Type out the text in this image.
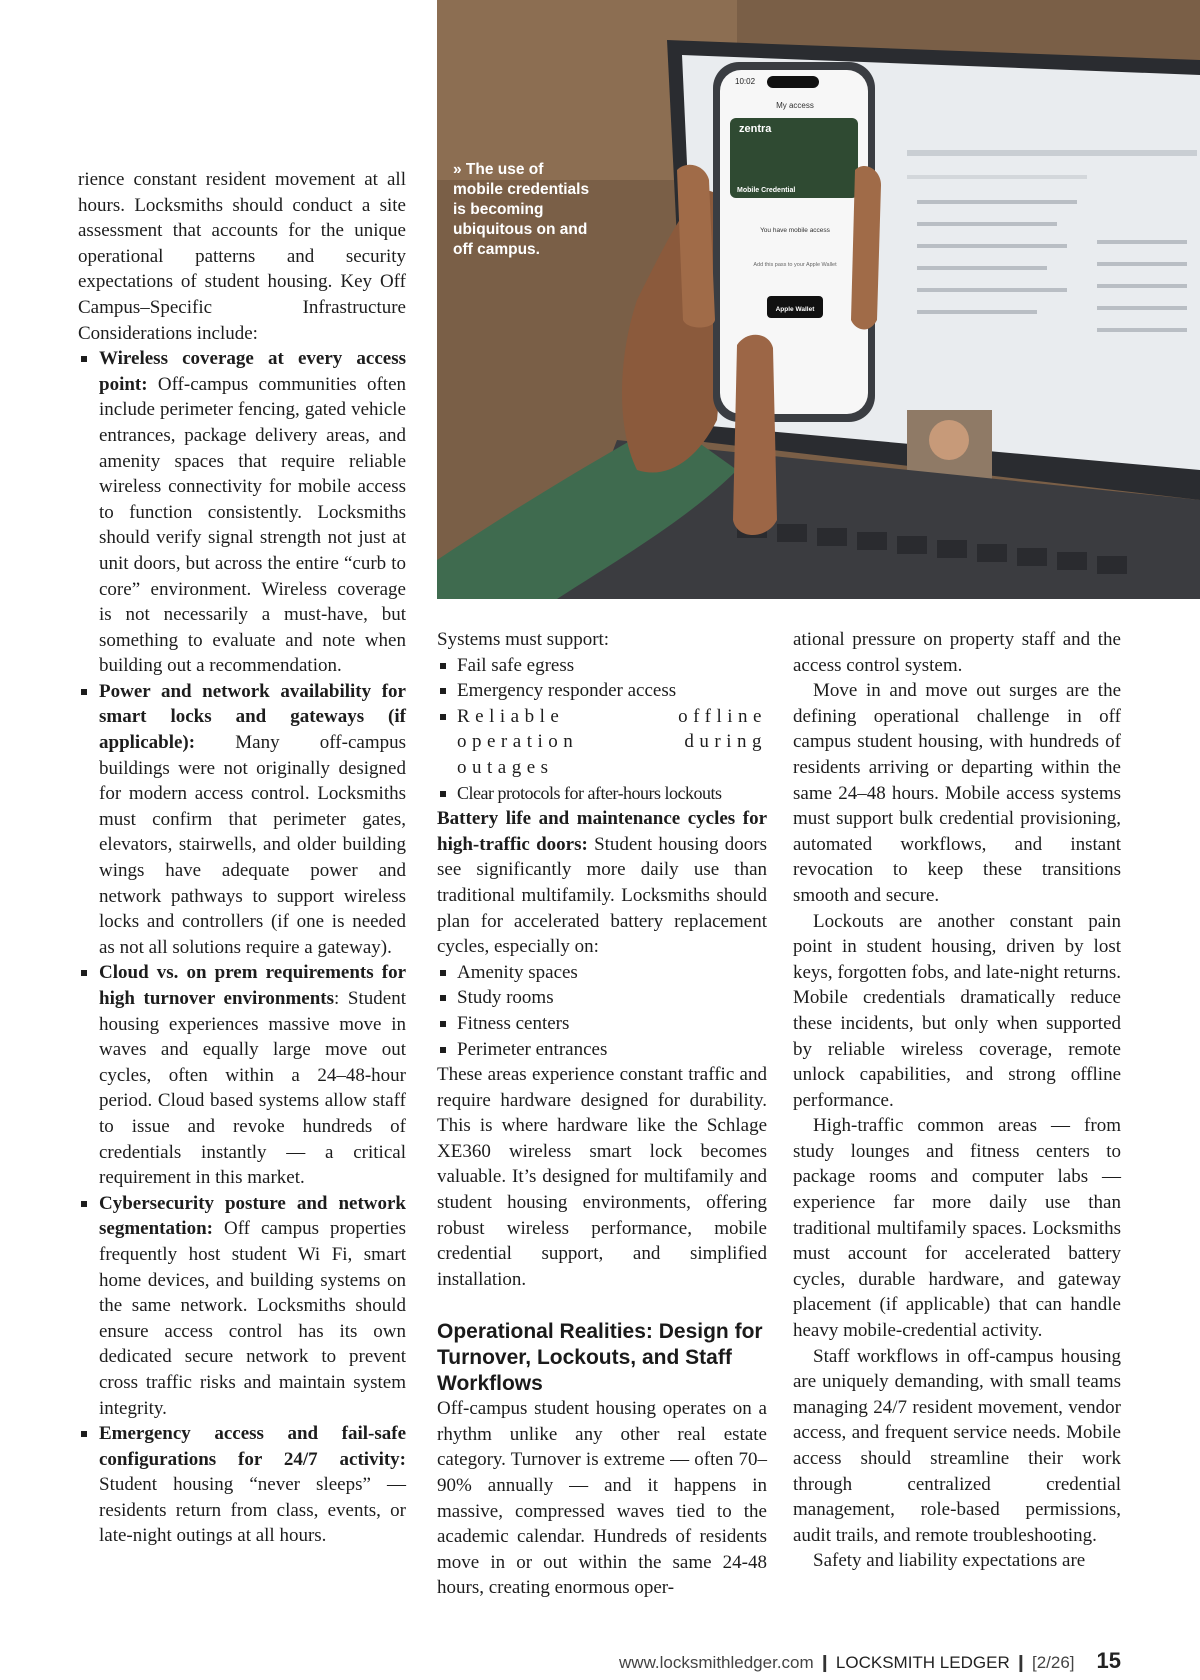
10:02
My access
zentra
Mobile Credential
You have mobile access
Add this pass to your Apple Wallet
Apple Wallet
» The use of mobile credentials is becoming ubiquitous on and off campus.

rience constant resident movement at all hours. Locksmiths should conduct a site assessment that accounts for the unique operational patterns and security expectations of student housing. Key Off Campus–Specific Infrastructure Considerations include:

Wireless coverage at every access point: Off-campus communities often include perimeter fencing, gated vehicle entrances, package delivery areas, and amenity spaces that require reliable wireless connectivity for mobile access to function consistently. Locksmiths should verify signal strength not just at unit doors, but across the entire “curb to core” environment. Wireless coverage is not necessarily a must-have, but something to evaluate and note when building out a recommendation.
Power and network availability for smart locks and gateways (if applicable): Many off-campus buildings were not originally designed for modern access control. Locksmiths must confirm that perimeter gates, elevators, stairwells, and older building wings have adequate power and network pathways to support wireless locks and controllers (if one is needed as not all solutions require a gateway).
Cloud vs. on prem requirements for high turnover environments: Student housing experiences massive move in waves and equally large move out cycles, often within a 24–48-hour period. Cloud based systems allow staff to issue and revoke hundreds of credentials instantly — a critical requirement in this market.
Cybersecurity posture and network segmentation: Off campus properties frequently host student Wi Fi, smart home devices, and building systems on the same network. Locksmiths should ensure access control has its own dedicated secure network to prevent cross traffic risks and maintain system integrity.
Emergency access and fail-safe configurations for 24/7 activity: Student housing “never sleeps” — residents return from class, events, or late-night outings at all hours.

Systems must support:

Fail safe egress
Emergency responder access
Reliable offline operation during outages
Clear protocols for after-hours lockouts

Battery life and maintenance cycles for high-traffic doors: Student housing doors see significantly more daily use than traditional multifamily. Locksmiths should plan for accelerated battery replacement cycles, especially on:

Amenity spaces
Study rooms
Fitness centers
Perimeter entrances

These areas experience constant traffic and require hardware designed for durability. This is where hardware like the Schlage XE360 wireless smart lock becomes valuable. It’s designed for multifamily and student housing environments, offering robust wireless performance, mobile credential support, and simplified installation.

Operational Realities: Design for Turnover, Lockouts, and Staff Workflows

Off-campus student housing operates on a rhythm unlike any other real estate category. Turnover is extreme — often 70–90% annually — and it happens in massive, compressed waves tied to the academic calendar. Hundreds of residents move in or out within the same 24-48 hours, creating enormous oper-

ational pressure on property staff and the access control system.

Move in and move out surges are the defining operational challenge in off campus student housing, with hundreds of residents arriving or departing within the same 24–48 hours. Mobile access systems must support bulk credential provisioning, automated workflows, and instant revocation to keep these transitions smooth and secure.

Lockouts are another constant pain point in student housing, driven by lost keys, forgotten fobs, and late-night returns. Mobile credentials dramatically reduce these incidents, but only when supported by reliable wireless coverage, remote unlock capabilities, and strong offline performance.

High-traffic common areas — from study lounges and fitness centers to package rooms and computer labs — experience far more daily use than traditional multifamily spaces. Locksmiths must account for accelerated battery cycles, durable hardware, and gateway placement (if applicable) that can handle heavy mobile-credential activity.

Staff workflows in off-campus housing are uniquely demanding, with small teams managing 24/7 resident movement, vendor access, and frequent service needs. Mobile access should streamline their work through centralized credential management, role-based permissions, audit trails, and remote troubleshooting.

Safety and liability expectations are

www.locksmithledger.com ❙ LOCKSMITH LEDGER ❙ [2/26] 15
